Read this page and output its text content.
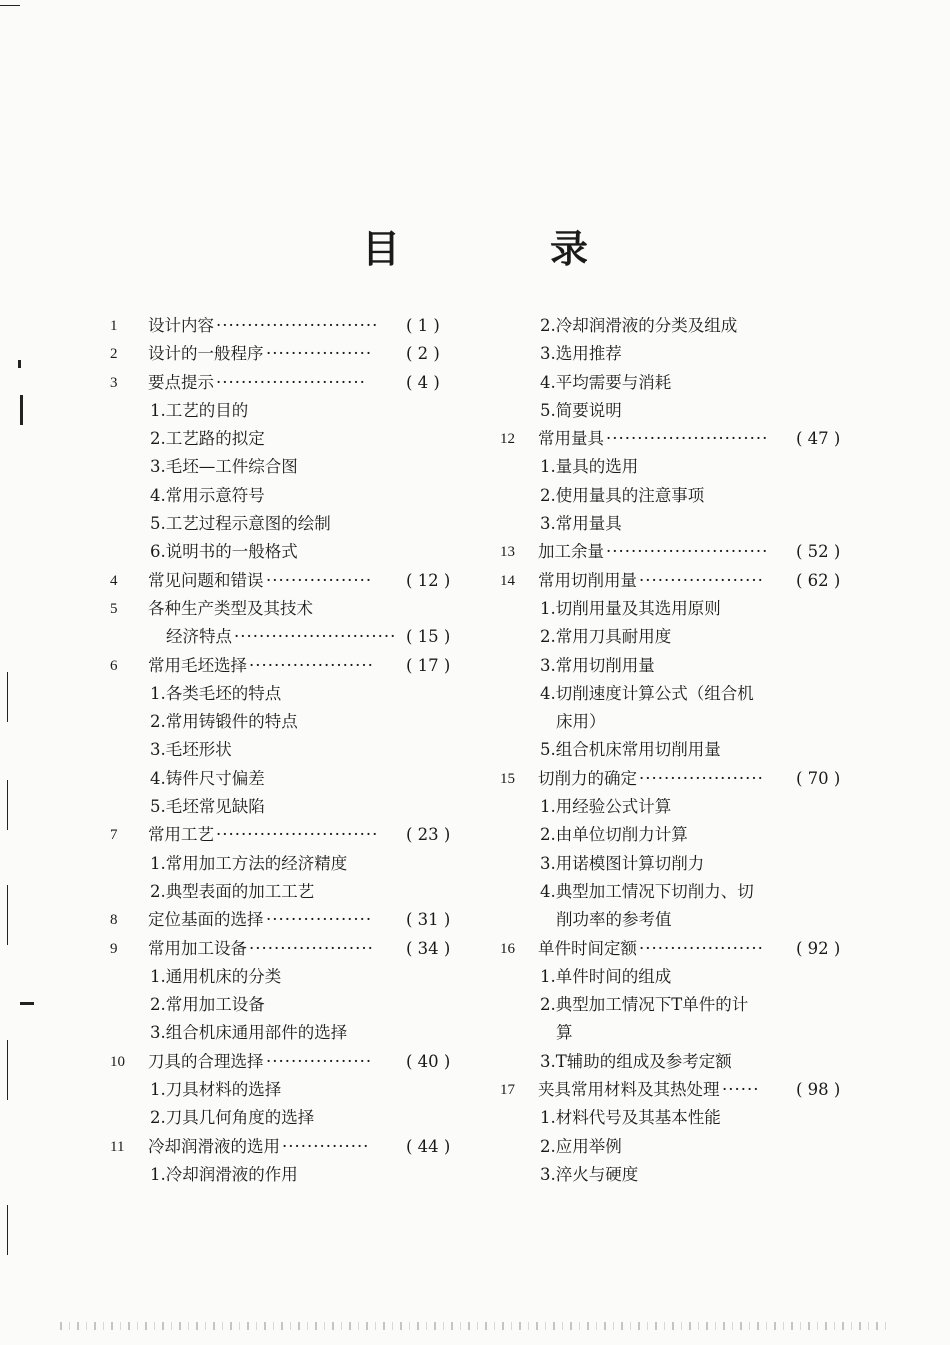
目	录
1	设计内容 ··························	( 1 )
2	设计的一般程序 ·················	( 2 )
3	要点提示 ························	( 4 )
1.工艺的目的
2.工艺路的拟定
3.毛坯—工件综合图
4.常用示意符号
5.工艺过程示意图的绘制
6.说明书的一般格式
4	常见问题和错误 ·················	( 12 )
5	各种生产类型及其技术
经济特点 ·························· ( 15 )
6	常用毛坯选择 ····················	( 17 )
1.各类毛坯的特点
2.常用铸锻件的特点
3.毛坯形状
4.铸件尺寸偏差
5.毛坯常见缺陷
7	常用工艺 ··························	( 23 )
1.常用加工方法的经济精度
2.典型表面的加工工艺
8	定位基面的选择 ·················	( 31 )
9	常用加工设备 ····················	( 34 )
1.通用机床的分类
2.常用加工设备
3.组合机床通用部件的选择
10	刀具的合理选择 ·················	( 40 )
1.刀具材料的选择
2.刀具几何角度的选择
11	冷却润滑液的选用 ··············	( 44 )
1.冷却润滑液的作用
2.冷却润滑液的分类及组成
3.选用推荐
4.平均需要与消耗
5.简要说明
12	常用量具 ··························	( 47 )
1.量具的选用
2.使用量具的注意事项
3.常用量具
13	加工余量 ··························	( 52 )
14	常用切削用量 ····················	( 62 )
1.切削用量及其选用原则
2.常用刀具耐用度
3.常用切削用量
4.切削速度计算公式（组合机
床用）
5.组合机床常用切削用量
15	切削力的确定 ····················	( 70 )
1.用经验公式计算
2.由单位切削力计算
3.用诺模图计算切削力
4.典型加工情况下切削力、切
削功率的参考值
16	单件时间定额 ····················	( 92 )
1.单件时间的组成
2.典型加工情况下T单件的计
算
3.T辅助的组成及参考定额
17	夹具常用材料及其热处理 ······	( 98 )
1.材料代号及其基本性能
2.应用举例
3.淬火与硬度
